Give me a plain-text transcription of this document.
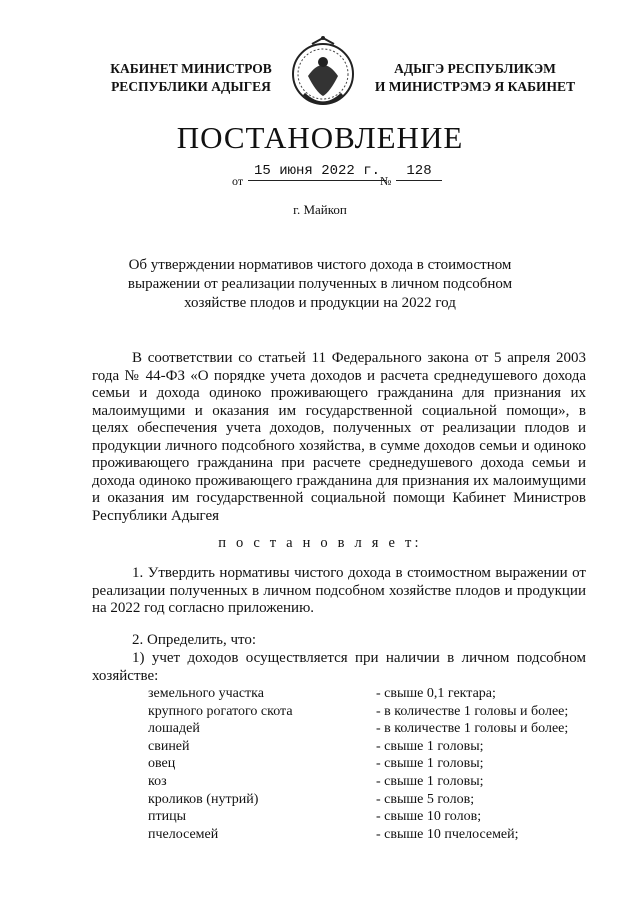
КАБИНЕТ МИНИСТРОВ
РЕСПУБЛИКИ АДЫГЕЯ
АДЫГЭ РЕСПУБЛИКЭМ
И МИНИСТРЭМЭ Я КАБИНЕТ
ПОСТАНОВЛЕНИЕ
от
15 июня 2022 г.
№
128
г. Майкоп
Об утверждении нормативов чистого дохода в стоимостном выражении от реализации полученных в личном подсобном хозяйстве плодов и продукции на 2022 год
В соответствии со статьей 11 Федерального закона от 5 апреля 2003 года № 44-ФЗ «О порядке учета доходов и расчета среднедушевого дохода семьи и дохода одиноко проживающего гражданина для признания их малоимущими и оказания им государственной социальной помощи», в целях обеспечения учета доходов, полученных от реализации плодов и продукции личного подсобного хозяйства, в сумме доходов семьи и одиноко проживающего гражданина при расчете среднедушевого дохода семьи и дохода одиноко проживающего гражданина для признания их малоимущими и оказания им государственной социальной помощи Кабинет Министров Республики Адыгея
п о с т а н о в л я е т:
1. Утвердить нормативы чистого дохода в стоимостном выражении от реализации полученных в личном подсобном хозяйстве плодов и продукции на 2022 год согласно приложению.
2. Определить, что:
1) учет доходов осуществляется при наличии в личном подсобном хозяйстве:
земельного участка	- свыше 0,1 гектара;
крупного рогатого скота	- в количестве 1 головы и более;
лошадей	- в количестве 1 головы и более;
свиней	- свыше 1 головы;
овец	- свыше 1 головы;
коз	- свыше 1 головы;
кроликов (нутрий)	- свыше 5 голов;
птицы	- свыше 10 голов;
пчелосемей	- свыше 10 пчелосемей;
